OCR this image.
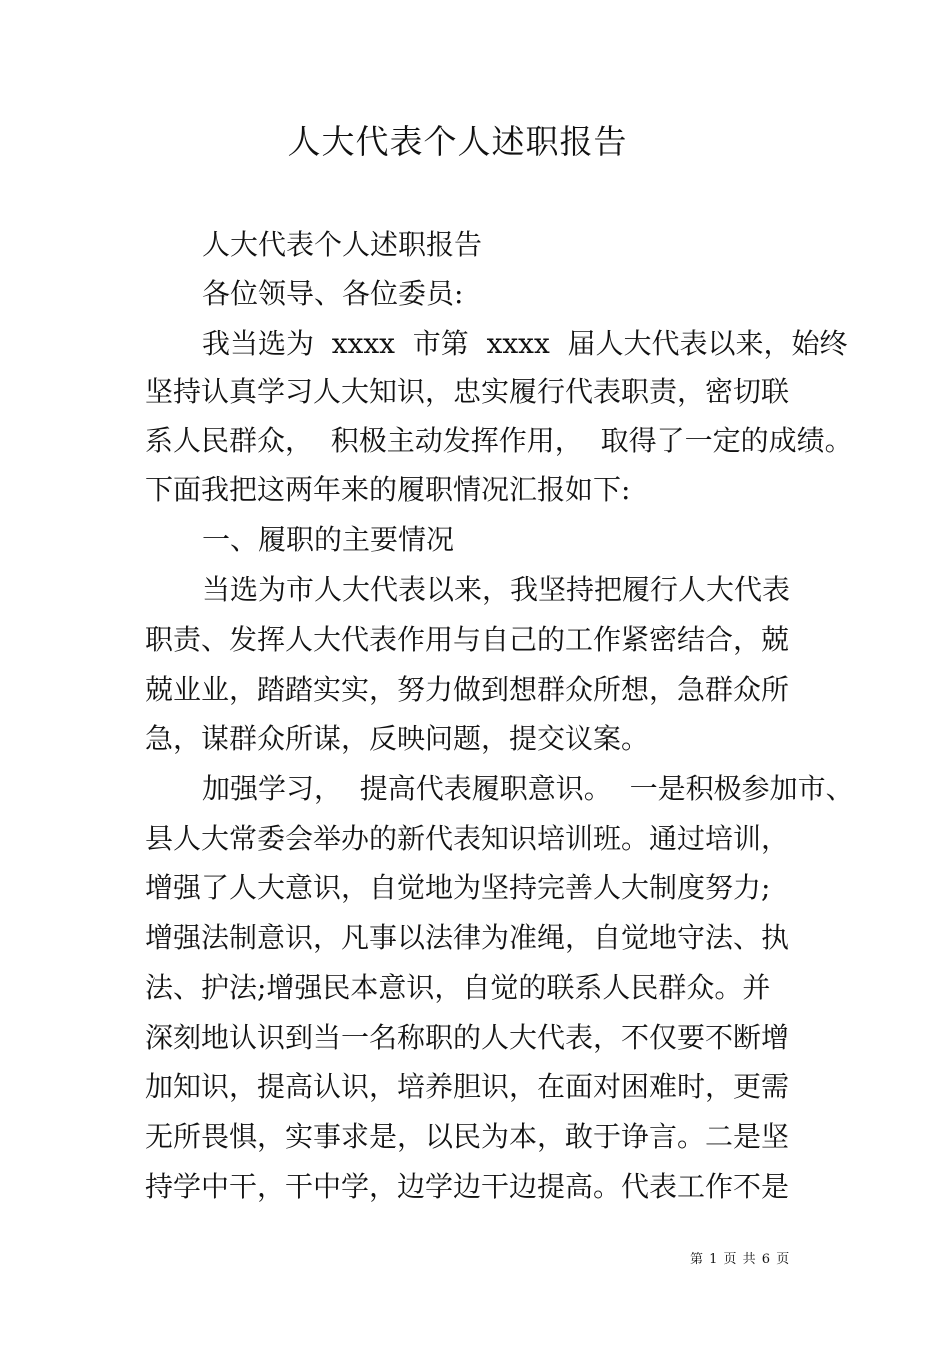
人大代表个人述职报告

人大代表个人述职报告

各位领导、各位委员:

我当选为  xxxx  市第  xxxx  届人大代表以来，始终

坚持认真学习人大知识，忠实履行代表职责，密切联

系人民群众，  积极主动发挥作用，  取得了一定的成绩。

下面我把这两年来的履职情况汇报如下:

一、履职的主要情况

当选为市人大代表以来，我坚持把履行人大代表

职责、发挥人大代表作用与自己的工作紧密结合，兢

兢业业，踏踏实实，努力做到想群众所想，急群众所

急，谋群众所谋，反映问题，提交议案。

加强学习，  提高代表履职意识。  一是积极参加市、

县人大常委会举办的新代表知识培训班。通过培训，

增强了人大意识，自觉地为坚持完善人大制度努力;

增强法制意识，凡事以法律为准绳，自觉地守法、执

法、护法;增强民本意识，自觉的联系人民群众。并

深刻地认识到当一名称职的人大代表，不仅要不断增

加知识，提高认识，培养胆识，在面对困难时，更需

无所畏惧，实事求是，以民为本，敢于诤言。二是坚

持学中干，干中学，边学边干边提高。代表工作不是

第 1 页 共 6 页
